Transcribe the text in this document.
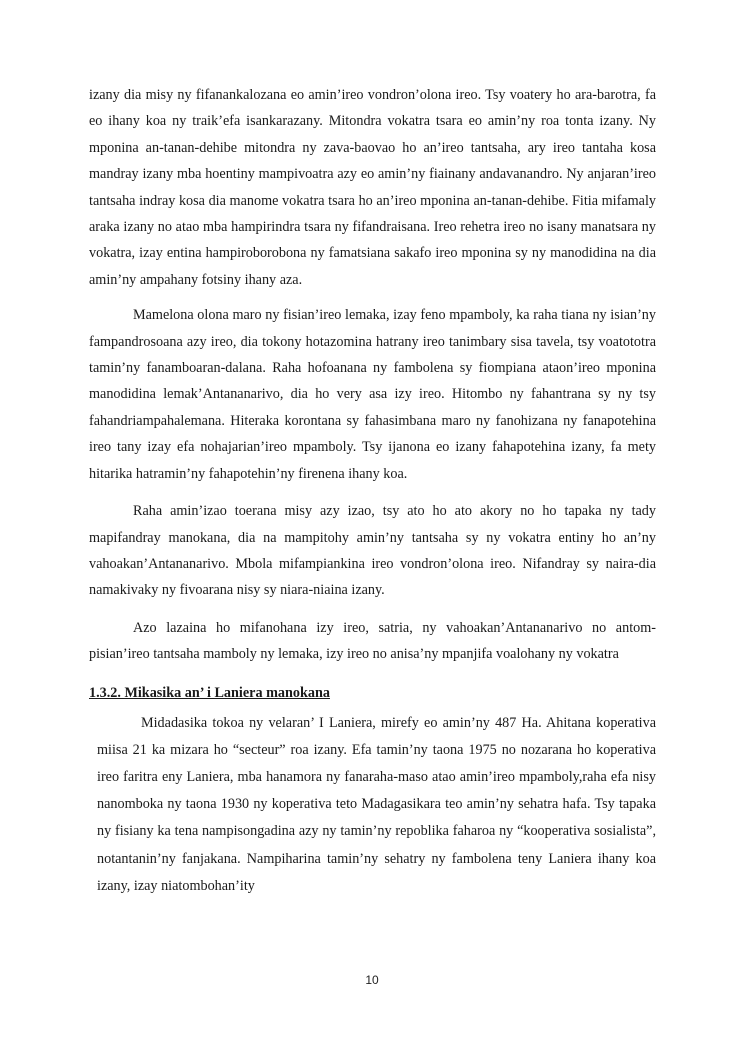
izany dia misy ny fifanankalozana eo amin’ireo vondron’olona ireo. Tsy voatery ho ara-barotra, fa eo ihany koa ny traik’efa isankarazany. Mitondra vokatra tsara eo amin’ny roa tonta izany. Ny mponina an-tanan-dehibe mitondra ny zava-baovao ho an’ireo tantsaha, ary ireo tantaha kosa mandray izany mba hoentiny mampivoatra azy eo amin’ny fiainany andavanandro. Ny anjaran’ireo tantsaha indray kosa dia manome vokatra tsara ho an’ireo mponina an-tanan-dehibe. Fitia mifamaly araka izany no atao mba hampirindra tsara ny fifandraisana. Ireo rehetra ireo no isany manatsara ny vokatra, izay entina hampiroborobona ny famatsiana sakafo ireo mponina sy ny manodidina na dia amin’ny ampahany fotsiny ihany aza.

Mamelona olona maro ny fisian’ireo lemaka, izay feno mpamboly, ka raha tiana ny isian’ny fampandrosoana azy ireo, dia tokony hotazomina hatrany ireo tanimbary sisa tavela, tsy voatototra tamin’ny fanamboaran-dalana. Raha hofoanana ny fambolena sy fiompiana ataon’ireo mponina manodidina lemak’Antananarivo, dia ho very asa izy ireo. Hitombo ny fahantrana sy ny tsy fahandriampahalemana. Hiteraka korontana sy fahasimbana maro ny fanohizana ny fanapotehina ireo tany izay efa nohajarian’ireo mpamboly. Tsy ijanona eo izany fahapotehina izany, fa mety hitarika hatramin’ny fahapotehin’ny firenena ihany koa.

Raha amin’izao toerana misy azy izao, tsy ato ho ato akory no ho tapaka ny tady mapifandray manokana, dia na mampitohy amin’ny tantsaha sy ny vokatra entiny ho an’ny vahoakan’Antananarivo. Mbola mifampiankina ireo vondron’olona ireo. Nifandray sy naira-dia namakivaky ny fivoarana nisy sy niara-niaina izany.

Azo lazaina ho mifanohana izy ireo, satria, ny vahoakan’Antananarivo no antom-pisian’ireo tantsaha mamboly ny lemaka, izy ireo no anisa’ny mpanjifa voalohany ny vokatra

1.3.2. Mikasika an’ i Laniera manokana

Midadasika tokoa ny velaran’ I Laniera, mirefy eo amin’ny 487 Ha. Ahitana koperativa miisa 21 ka mizara ho “secteur” roa izany. Efa tamin’ny taona 1975 no nozarana ho koperativa ireo faritra eny Laniera, mba hanamora ny fanaraha-maso atao amin’ireo mpamboly,raha efa nisy nanomboka ny taona 1930 ny koperativa teto Madagasikara teo amin’ny sehatra hafa. Tsy tapaka ny fisiany ka tena nampisongadina azy ny tamin’ny repoblika faharoa ny “kooperativa sosialista”, notantanin’ny fanjakana. Nampiharina tamin’ny sehatry ny fambolena teny Laniera ihany koa izany, izay niatombohan’ity

10
